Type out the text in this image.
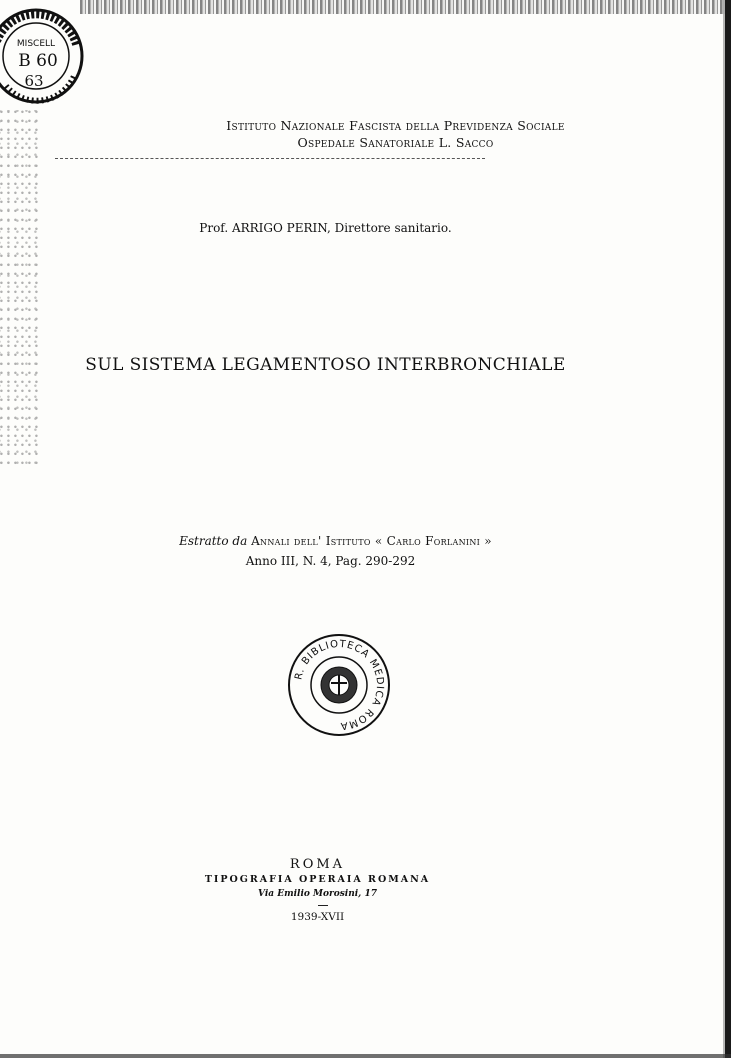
MISCELL
B 60
63
Istituto Nazionale Fascista della Previdenza Sociale
Ospedale Sanatoriale L. Sacco
Prof. ARRIGO PERIN, Direttore sanitario.
SUL SISTEMA LEGAMENTOSO INTERBRONCHIALE
Estratto da Annali dell' Istituto « Carlo Forlanini »
Anno III, N. 4, Pag. 290-292
R. BIBLIOTECA MEDICA ROMA
ROMA
TIPOGRAFIA OPERAIA ROMANA
Via Emilio Morosini, 17
1939-XVII
